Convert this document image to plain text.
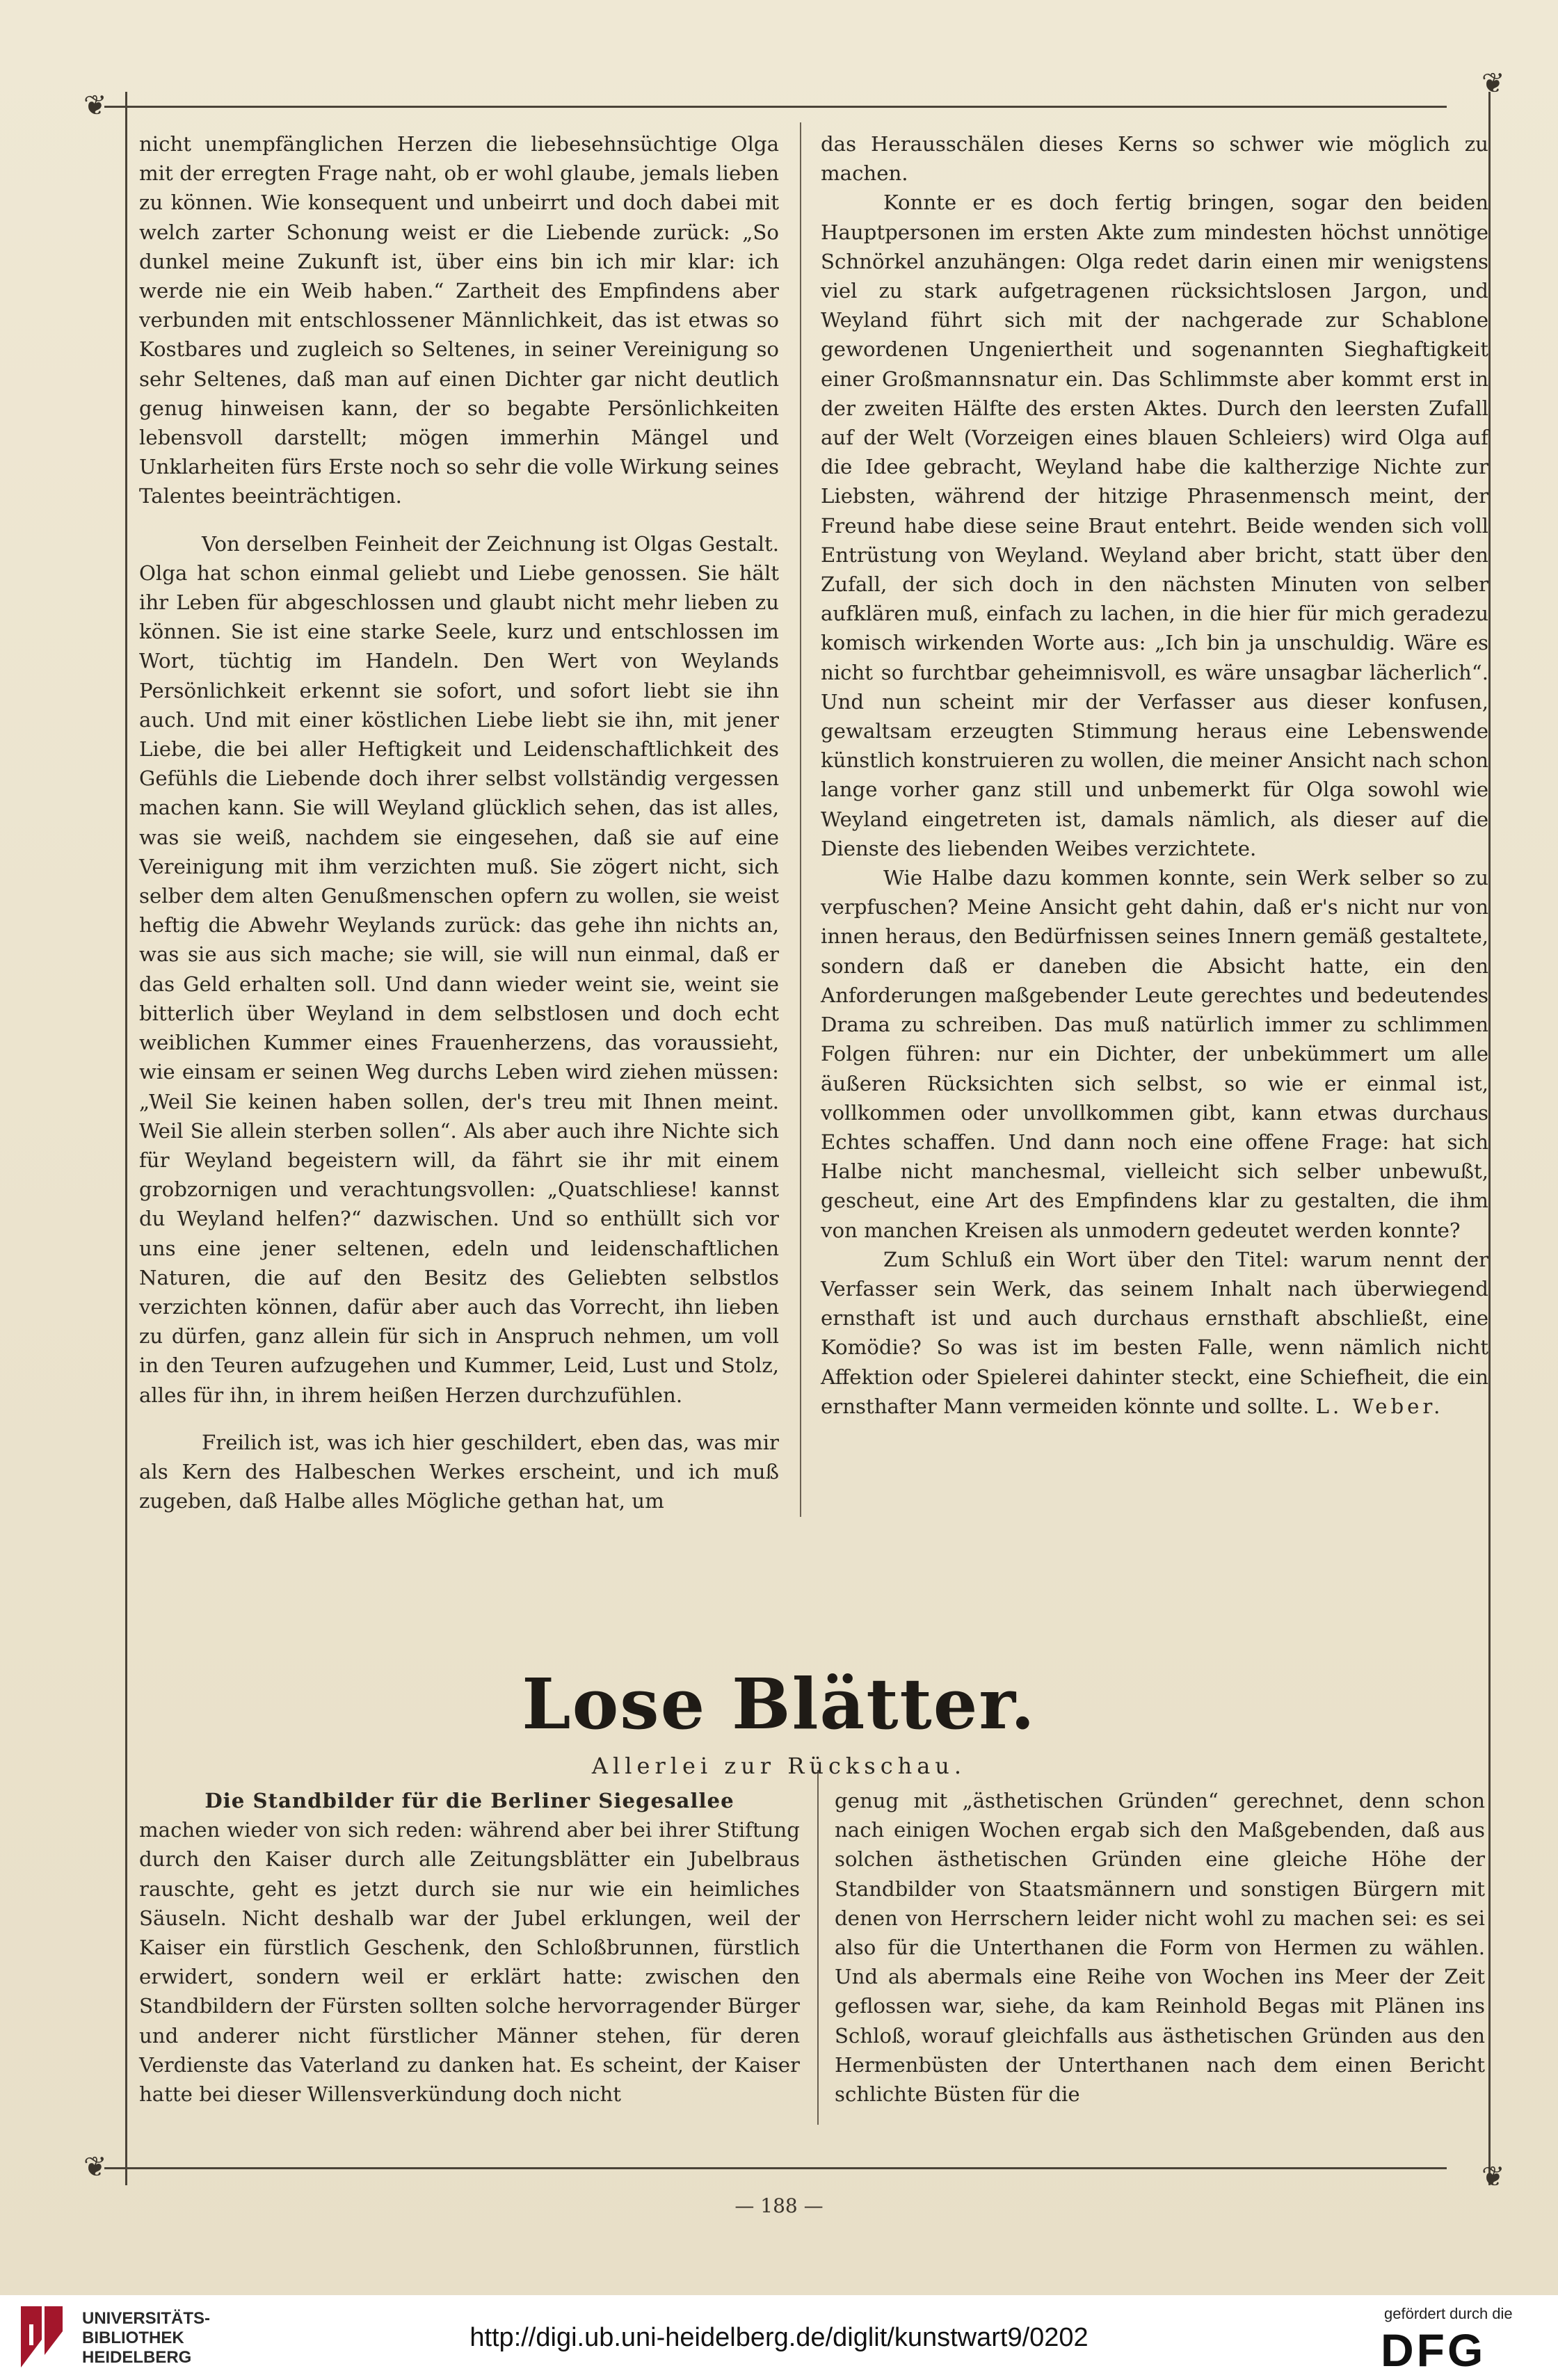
❦
❦
❦	❦

nicht unempfänglichen Herzen die liebesehnsüchtige Olga mit der erregten Frage naht, ob er wohl glaube, jemals lieben zu können. Wie konsequent und unbeirrt und doch dabei mit welch zarter Schonung weist er die Liebende zurück: „So dunkel meine Zukunft ist, über eins bin ich mir klar: ich werde nie ein Weib haben.“ Zartheit des Empfindens aber verbunden mit entschlossener Männlichkeit, das ist etwas so Kostbares und zugleich so Seltenes, in seiner Vereinigung so sehr Seltenes, daß man auf einen Dichter gar nicht deutlich genug hinweisen kann, der so begabte Persönlichkeiten lebensvoll darstellt; mögen immerhin Mängel und Unklarheiten fürs Erste noch so sehr die volle Wirkung seines Talentes beeinträchtigen.

Von derselben Feinheit der Zeichnung ist Olgas Gestalt. Olga hat schon einmal geliebt und Liebe genossen. Sie hält ihr Leben für abgeschlossen und glaubt nicht mehr lieben zu können. Sie ist eine starke Seele, kurz und entschlossen im Wort, tüchtig im Handeln. Den Wert von Weylands Persönlichkeit erkennt sie sofort, und sofort liebt sie ihn auch. Und mit einer köstlichen Liebe liebt sie ihn, mit jener Liebe, die bei aller Heftigkeit und Leidenschaftlichkeit des Gefühls die Liebende doch ihrer selbst vollständig vergessen machen kann. Sie will Weyland glücklich sehen, das ist alles, was sie weiß, nachdem sie eingesehen, daß sie auf eine Vereinigung mit ihm verzichten muß. Sie zögert nicht, sich selber dem alten Genußmenschen opfern zu wollen, sie weist heftig die Abwehr Weylands zurück: das gehe ihn nichts an, was sie aus sich mache; sie will, sie will nun einmal, daß er das Geld erhalten soll. Und dann wieder weint sie, weint sie bitterlich über Weyland in dem selbstlosen und doch echt weiblichen Kummer eines Frauenherzens, das voraussieht, wie einsam er seinen Weg durchs Leben wird ziehen müssen: „Weil Sie keinen haben sollen, der's treu mit Ihnen meint. Weil Sie allein sterben sollen“. Als aber auch ihre Nichte sich für Weyland begeistern will, da fährt sie ihr mit einem grobzornigen und verachtungsvollen: „Quatschliese! kannst du Weyland helfen?“ dazwischen. Und so enthüllt sich vor uns eine jener seltenen, edeln und leidenschaftlichen Naturen, die auf den Besitz des Geliebten selbstlos verzichten können, dafür aber auch das Vorrecht, ihn lieben zu dürfen, ganz allein für sich in Anspruch nehmen, um voll in den Teuren aufzugehen und Kummer, Leid, Lust und Stolz, alles für ihn, in ihrem heißen Herzen durchzufühlen.

Freilich ist, was ich hier geschildert, eben das, was mir als Kern des Halbeschen Werkes erscheint, und ich muß zugeben, daß Halbe alles Mögliche gethan hat, um

das Herausschälen dieses Kerns so schwer wie möglich zu machen.

Konnte er es doch fertig bringen, sogar den beiden Hauptpersonen im ersten Akte zum mindesten höchst unnötige Schnörkel anzuhängen: Olga redet darin einen mir wenigstens viel zu stark aufgetragenen rücksichtslosen Jargon, und Weyland führt sich mit der nachgerade zur Schablone gewordenen Ungeniertheit und sogenannten Sieghaftigkeit einer Großmannsnatur ein. Das Schlimmste aber kommt erst in der zweiten Hälfte des ersten Aktes. Durch den leersten Zufall auf der Welt (Vorzeigen eines blauen Schleiers) wird Olga auf die Idee gebracht, Weyland habe die kaltherzige Nichte zur Liebsten, während der hitzige Phrasenmensch meint, der Freund habe diese seine Braut entehrt. Beide wenden sich voll Entrüstung von Weyland. Weyland aber bricht, statt über den Zufall, der sich doch in den nächsten Minuten von selber aufklären muß, einfach zu lachen, in die hier für mich geradezu komisch wirkenden Worte aus: „Ich bin ja unschuldig. Wäre es nicht so furchtbar geheimnisvoll, es wäre unsagbar lächerlich“. Und nun scheint mir der Verfasser aus dieser konfusen, gewaltsam erzeugten Stimmung heraus eine Lebenswende künstlich konstruieren zu wollen, die meiner Ansicht nach schon lange vorher ganz still und unbemerkt für Olga sowohl wie Weyland eingetreten ist, damals nämlich, als dieser auf die Dienste des liebenden Weibes verzichtete.

Wie Halbe dazu kommen konnte, sein Werk selber so zu verpfuschen? Meine Ansicht geht dahin, daß er's nicht nur von innen heraus, den Bedürfnissen seines Innern gemäß gestaltete, sondern daß er daneben die Absicht hatte, ein den Anforderungen maßgebender Leute gerechtes und bedeutendes Drama zu schreiben. Das muß natürlich immer zu schlimmen Folgen führen: nur ein Dichter, der unbekümmert um alle äußeren Rücksichten sich selbst, so wie er einmal ist, vollkommen oder unvollkommen gibt, kann etwas durchaus Echtes schaffen. Und dann noch eine offene Frage: hat sich Halbe nicht manchesmal, vielleicht sich selber unbewußt, gescheut, eine Art des Empfindens klar zu gestalten, die ihm von manchen Kreisen als unmodern gedeutet werden konnte?

Zum Schluß ein Wort über den Titel: warum nennt der Verfasser sein Werk, das seinem Inhalt nach überwiegend ernsthaft ist und auch durchaus ernsthaft abschließt, eine Komödie? So was ist im besten Falle, wenn nämlich nicht Affektion oder Spielerei dahinter steckt, eine Schiefheit, die ein ernsthafter Mann vermeiden könnte und sollte. L. Weber.

Lose Blätter.
Allerlei zur Rückschau.
Die Standbilder für die Berliner Siegesallee

machen wieder von sich reden: während aber bei ihrer Stiftung durch den Kaiser durch alle Zeitungsblätter ein Jubelbraus rauschte, geht es jetzt durch sie nur wie ein heimliches Säuseln. Nicht deshalb war der Jubel erklungen, weil der Kaiser ein fürstlich Geschenk, den Schloßbrunnen, fürstlich erwidert, sondern weil er erklärt hatte: zwischen den Standbildern der Fürsten sollten solche hervorragender Bürger und anderer nicht fürstlicher Männer stehen, für deren Verdienste das Vaterland zu danken hat. Es scheint, der Kaiser hatte bei dieser Willensverkündung doch nicht

genug mit „ästhetischen Gründen“ gerechnet, denn schon nach einigen Wochen ergab sich den Maßgebenden, daß aus solchen ästhetischen Gründen eine gleiche Höhe der Standbilder von Staatsmännern und sonstigen Bürgern mit denen von Herrschern leider nicht wohl zu machen sei: es sei also für die Unterthanen die Form von Hermen zu wählen. Und als abermals eine Reihe von Wochen ins Meer der Zeit geflossen war, siehe, da kam Reinhold Begas mit Plänen ins Schloß, worauf gleichfalls aus ästhetischen Gründen aus den Hermenbüsten der Unterthanen nach dem einen Bericht schlichte Büsten für die

— 188 —
UNIVERSITÄTS-
BIBLIOTHEK
HEIDELBERG
http://digi.ub.uni-heidelberg.de/diglit/kunstwart9/0202
gefördert durch die
DFG
